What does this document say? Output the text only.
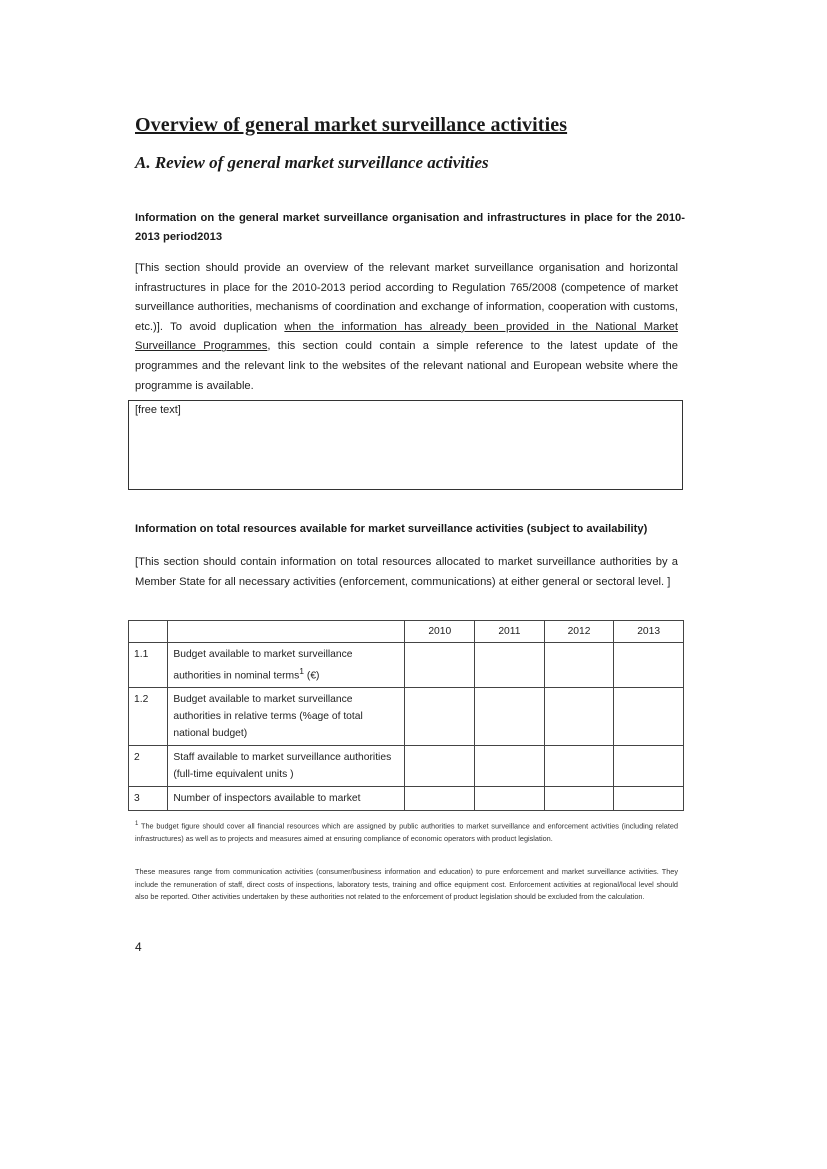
Overview of general market surveillance activities
A. Review of general market surveillance activities
Information on the general market surveillance organisation and infrastructures in place for the 2010-2013 period2013
[This section should provide an overview of the relevant market surveillance organisation and horizontal infrastructures in place for the 2010-2013 period according to Regulation 765/2008 (competence of market surveillance authorities, mechanisms of coordination and exchange of information, cooperation with customs, etc.)]. To avoid duplication when the information has already been provided in the National Market Surveillance Programmes, this section could contain a simple reference to the latest update of the programmes and the relevant link to the websites of the relevant national and European website where the programme is available.
[free text]
Information on total resources available for market surveillance activities (subject to availability)
[This section should contain information on total resources allocated to market surveillance authorities by a Member State for all necessary activities (enforcement, communications) at either general or sectoral level. ]
		2010	2011	2012	2013
1.1	Budget available to market surveillance authorities in nominal terms$^1$ (€)				
1.2	Budget available to market surveillance authorities in relative terms (%age of total national budget)				
2	Staff available to market surveillance authorities (full-time equivalent units )				
3	Number of inspectors available to market				
$^1$ The budget figure should cover all financial resources which are assigned by public authorities to market surveillance and enforcement activities (including related infrastructures) as well as to projects and measures aimed at ensuring compliance of economic operators with product legislation.
These measures range from communication activities (consumer/business information and education) to pure enforcement and market surveillance activities. They include the remuneration of staff, direct costs of inspections, laboratory tests, training and office equipment cost. Enforcement activities at regional/local level should also be reported. Other activities undertaken by these authorities not related to the enforcement of product legislation should be excluded from the calculation.
4
